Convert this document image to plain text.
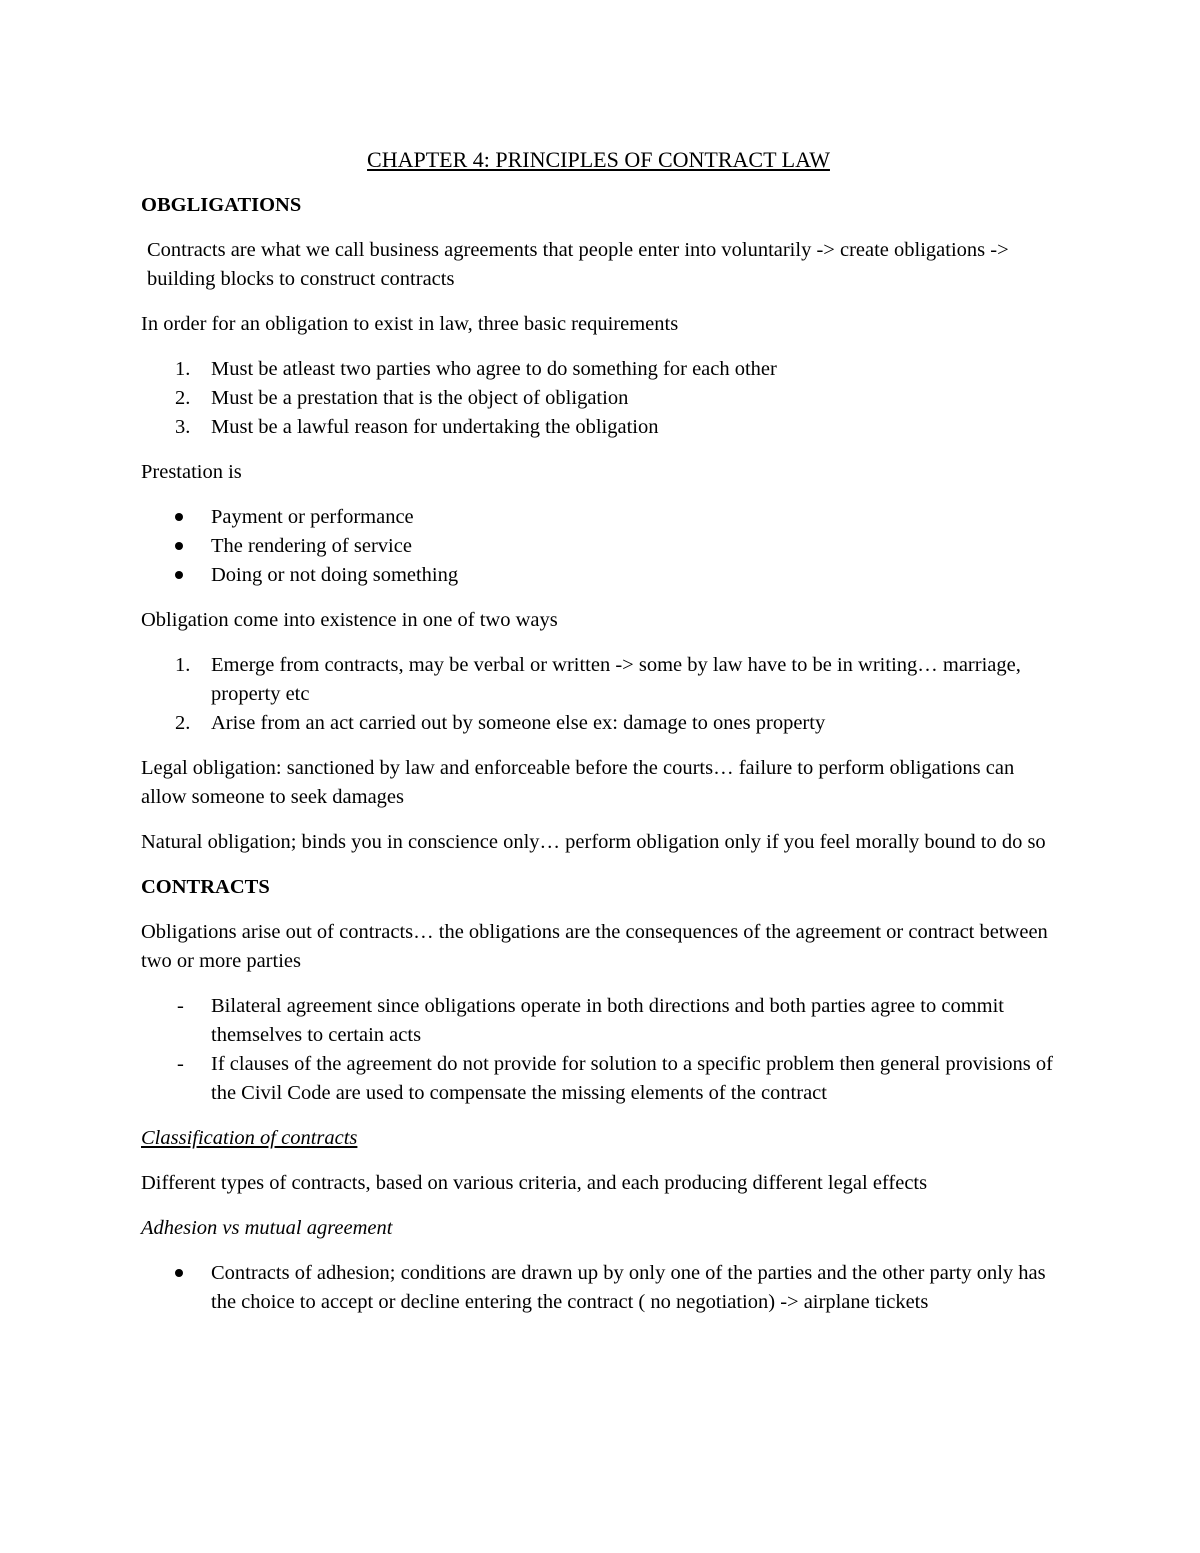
CHAPTER 4: PRINCIPLES OF CONTRACT LAW
OBGLIGATIONS

Contracts are what we call business agreements that people enter into voluntarily -> create obligations -> building blocks to construct contracts

In order for an obligation to exist in law, three basic requirements

1.	Must be atleast two parties who agree to do something for each other
2.	Must be a prestation that is the object of obligation
3.	Must be a lawful reason for undertaking the obligation

Prestation is

Payment or performance
The rendering of service
Doing or not doing something

Obligation come into existence in one of two ways

1.	Emerge from contracts, may be verbal or written -> some by law have to be in writing… marriage, property etc
2.	Arise from an act carried out by someone else ex: damage to ones property

Legal obligation: sanctioned by law and enforceable before the courts… failure to perform obligations can allow someone to seek damages

Natural obligation; binds you in conscience only… perform obligation only if you feel morally bound to do so

CONTRACTS

Obligations arise out of contracts… the obligations are the consequences of the agreement or contract between two or more parties

- Bilateral agreement since obligations operate in both directions and both parties agree to commit themselves to certain acts
- If clauses of the agreement do not provide for solution to a specific problem then general provisions of the Civil Code are used to compensate the missing elements of the contract

Classification of contracts

Different types of contracts, based on various criteria, and each producing different legal effects

Adhesion vs mutual agreement

Contracts of adhesion; conditions are drawn up by only one of the parties and the other party only has the choice to accept or decline entering the contract ( no negotiation) -> airplane tickets
